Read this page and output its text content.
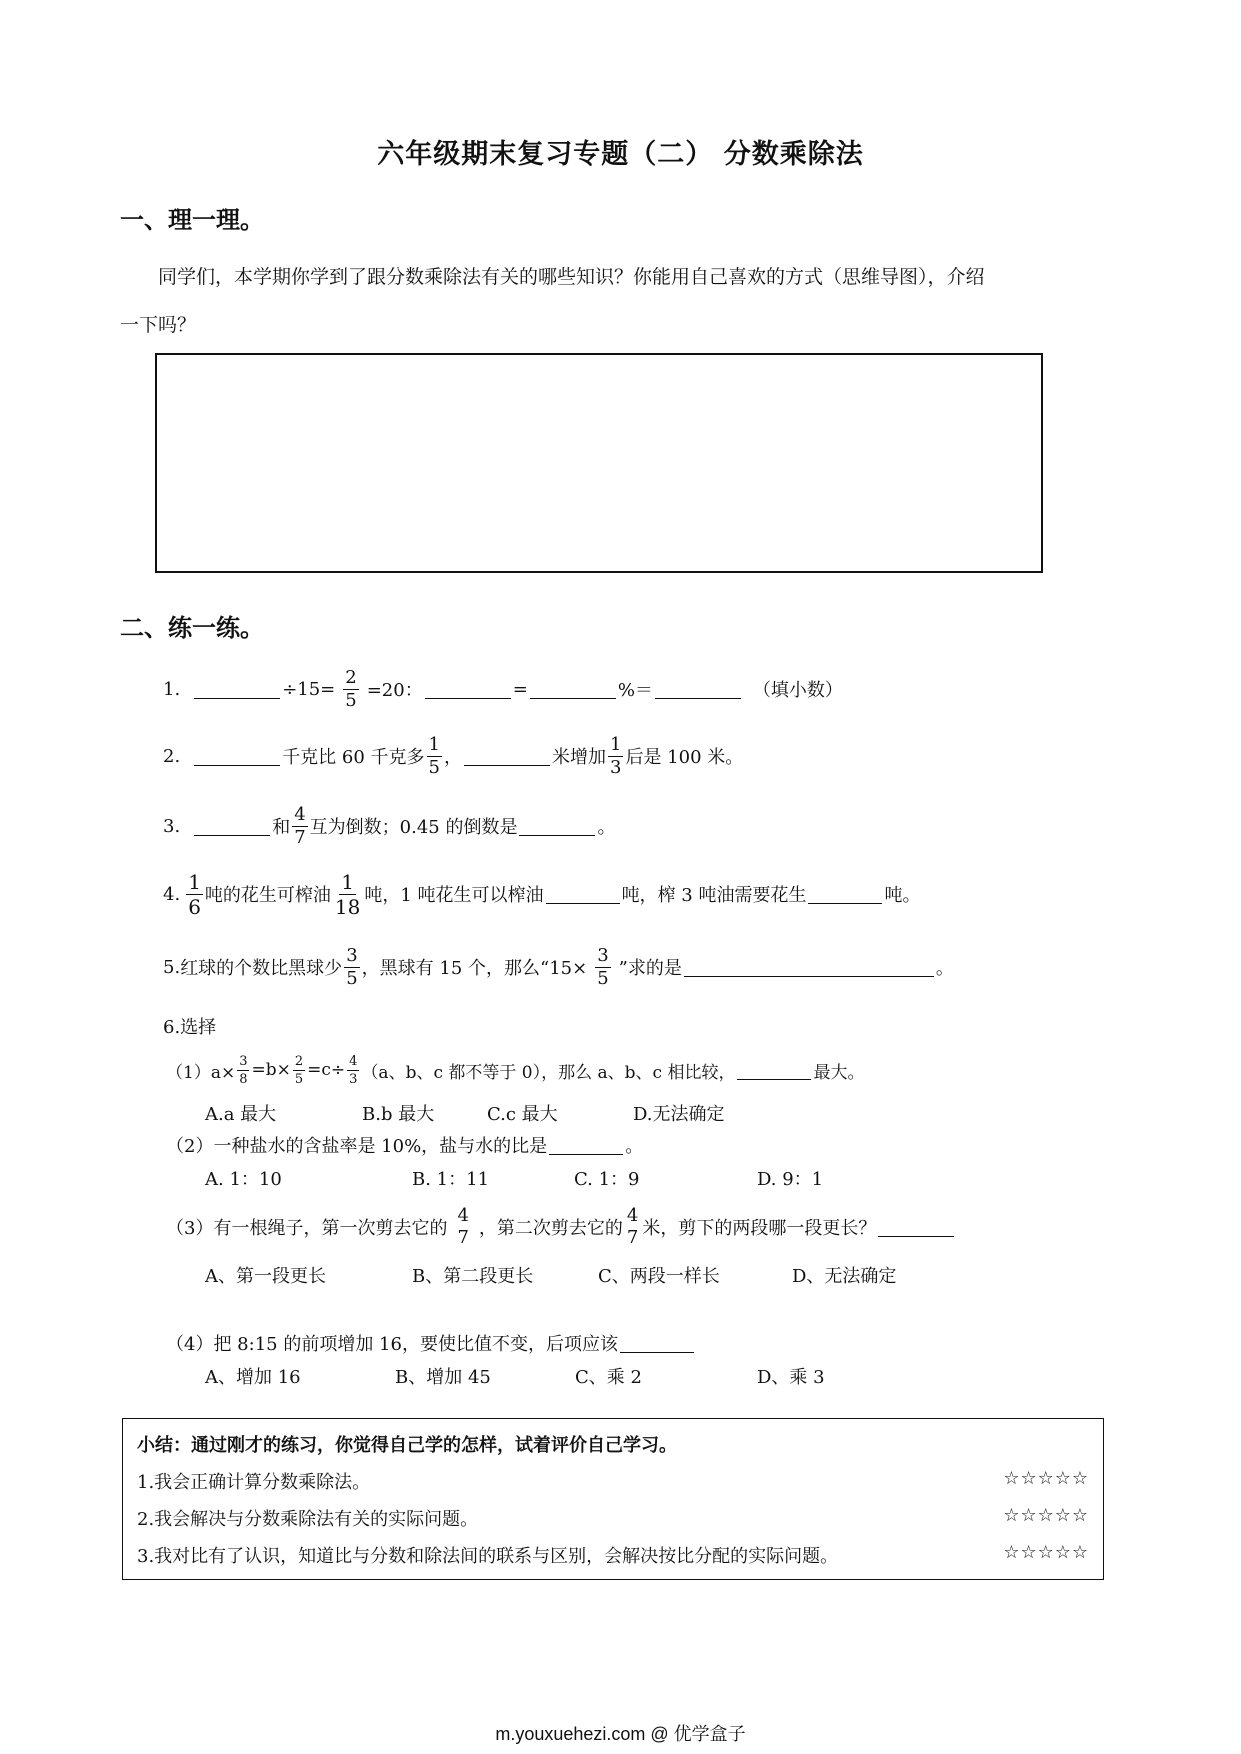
六年级期末复习专题（二） 分数乘除法
一、理一理。
同学们，本学期你学到了跟分数乘除法有关的哪些知识？你能用自己喜欢的方式（思维导图），介绍
一下吗？
二、练一练。
1.	$\div 15= \frac{2}{5} =20$：	=	%＝	（填小数）
2.	千克比 60 千克多 $\frac{1}{5}$ ，	米增加 $\frac{1}{3}$ 后是 100 米。
3.	和 $\frac{4}{7}$ 互为倒数；0.45 的倒数是	。
4. $\frac{1}{6}$ 吨的花生可榨油 $\frac{1}{18}$ 吨，1 吨花生可以榨油	吨，榨 3 吨油需要花生	吨。
5. 红球的个数比黑球少 $\frac{3}{5}$ ，黑球有 15 个，那么“$15\times \frac{3}{5}$ ”求的是	。
6.选择
$(1)a\times \frac{3}{8} =b\times \frac{2}{5} =c\div \frac{4}{3} (a$、b、c 都不等于 0），那么 a、b、c 相比较，	最大。
A.a 最大	B.b 最大	C.c 最大	D.无法确定
（2）一种盐水的含盐率是 10%，盐与水的比是	。
A. 1：10	B. 1：11	C. 1：9	D. 9：1
（3）有一根绳子，第一次剪去它的
4
7 ，第二次剪去它的
4
7 米，剪下的两段哪一段更长？
A、第一段更长	B、第二段更长	C、两段一样长	D、无法确定
（4）把 8:15 的前项增加 16，要使比值不变，后项应该
A、增加 16	B、增加 45	C、乘 2	D、乘 3
小结：通过刚才的练习，你觉得自己学的怎样，试着评价自己学习。
1.我会正确计算分数乘除法。	☆☆☆☆☆
2.我会解决与分数乘除法有关的实际问题。	☆☆☆☆☆
3.我对比有了认识，知道比与分数和除法间的联系与区别，会解决按比分配的实际问题。	☆☆☆☆☆
m.youxuehezi.com @ 优学盒子
